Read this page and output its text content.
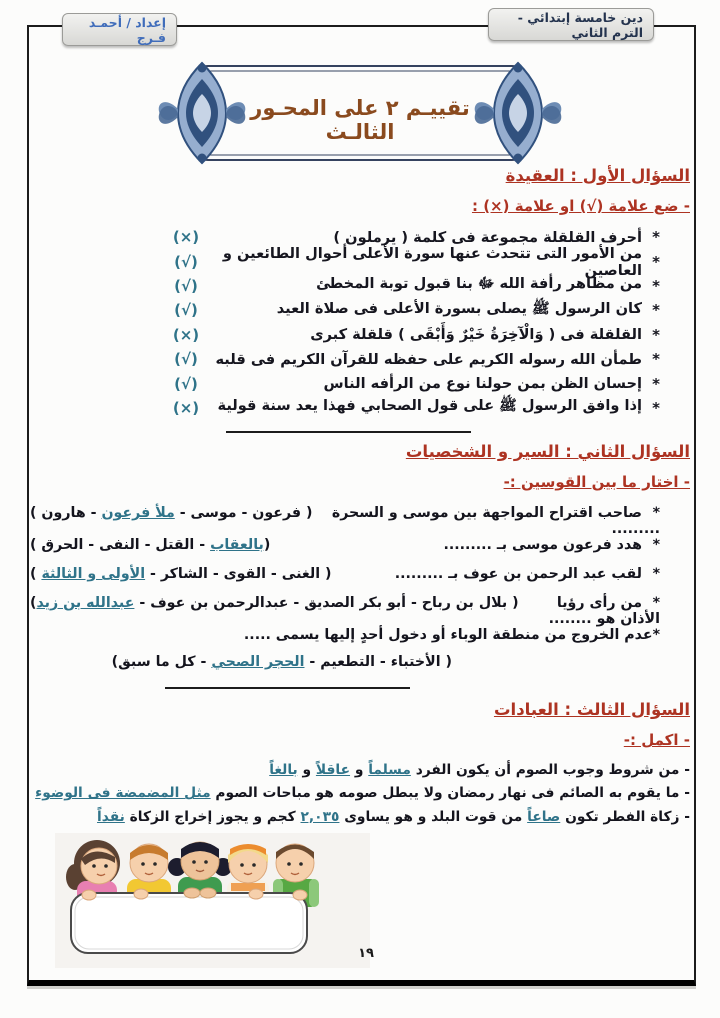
دين خامسة إبتدائي - الترم الثاني
إعداد / أحمـد فـرج
تقييـم ٢ على المحـور الثالـث
السؤال الأول : العقيدة
- ضع علامة (√) او علامة (×) :
*
أحرف القلقلة مجموعة فى كلمة ( يرملون )
(×)
*
من الأمور التى تتحدث عنها سورة الأعلى أحوال الطائعين و العاصين
(√)
*
من مظاهر رأفة الله ﷻ بنا قبول توبة المخطئ
(√)
*
كان الرسول ﷺ يصلى بسورة الأعلى فى صلاة العيد
(√)
*
القلقلة فى ( وَالْآخِرَةُ خَيْرٌ وَأَبْقَى ) قلقلة كبرى
(×)
*
طمأن الله رسوله الكريم على حفظه للقرآن الكريم فى قلبه
(√)
*
إحسان الظن بمن حولنا نوع من الرأفه الناس
(√)
*
إذا وافق الرسول ﷺ على قول الصحابي فهذا يعد سنة قولية
(×)
السؤال الثاني : السير و الشخصيات
- اختار ما بين القوسين :-
*صاحب اقتراح المواجهة بين موسى و السحرة .........
( فرعون - موسى - ملأ فرعون - هارون )
*هدد فرعون موسى بـ .........
(بالعقاب - القتل - النفى - الحرق )
*لقب عبد الرحمن بن عوف بـ .........
( الغنى - القوى - الشاكر - الأولى و الثالثة )
*من رأى رؤيا الأذان هو ........
( بلال بن رباح - أبو بكر الصديق - عبدالرحمن بن عوف - عبدالله بن زيد)
*عدم الخروج من منطقة الوباء أو دخول أحدٍ إليها يسمى .....
( الأختباء - التطعيم - الحجر الصحي - كل ما سبق)
السؤال الثالث : العبادات
- اكمل :-
- من شروط وجوب الصوم أن يكون الفرد مسلماً و عاقلاً و بالغاً
- ما يقوم به الصائم فى نهار رمضان ولا يبطل صومه هو مباحات الصوم مثل المضمضة فى الوضوء
- زكاة الفطر تكون صاعاً من قوت البلد و هو يساوى ٢,٠٣٥ كجم و يجوز إخراج الزكاة نقداً
١٩
